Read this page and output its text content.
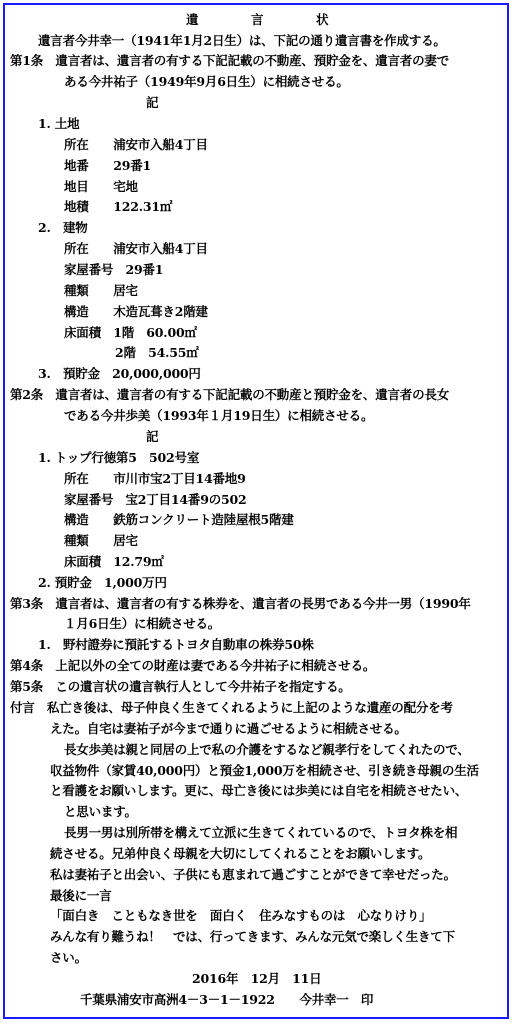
遺　言　状
遺言者今井幸一（1941年1月2日生）は、下記の通り遺言書を作成する。
第1条　遺言者は、遺言者の有する下記記載の不動産、預貯金を、遺言者の妻で
ある今井祐子（1949年9月6日生）に相続させる。
記
1. 土地
所在　　浦安市入船4丁目
地番　　29番1
地目　　宅地
地積　　122.31㎡
2.　建物
所在　　浦安市入船4丁目
家屋番号　29番1
種類　　居宅
構造　　木造瓦葺き2階建
床面積　1階　60.00㎡
2階　54.55㎡
3.　預貯金　20,000,000円
第2条　遺言者は、遺言者の有する下記記載の不動産と預貯金を、遺言者の長女
である今井歩美（1993年１月19日生）に相続させる。
記
1. トップ行徳第5　502号室
所在　　市川市宝2丁目14番地9
家屋番号　宝2丁目14番9の502
構造　　鉄筋コンクリート造陸屋根5階建
種類　　居宅
床面積　12.79㎡
2. 預貯金　1,000万円
第3条　遺言者は、遺言者の有する株券を、遺言者の長男である今井一男（1990年
１月6日生）に相続させる。
1.　野村證券に預託するトヨタ自動車の株券50株
第4条　上記以外の全ての財産は妻である今井祐子に相続させる。
第5条　この遺言状の遺言執行人として今井祐子を指定する。
付言　私亡き後は、母子仲良く生きてくれるように上記のような遺産の配分を考
えた。自宅は妻祐子が今まで通りに過ごせるように相続させる。
長女歩美は親と同居の上で私の介護をするなど親孝行をしてくれたので、
収益物件（家賃40,000円）と預金1,000万を相続させ、引き続き母親の生活
と看護をお願いします。更に、母亡き後には歩美には自宅を相続させたい、
と思います。
長男一男は別所帯を構えて立派に生きてくれているので、トヨタ株を相
続させる。兄弟仲良く母親を大切にしてくれることをお願いします。
私は妻祐子と出会い、子供にも恵まれて過ごすことができて幸せだった。
最後に一言
「面白き　こともなき世を　面白く　住みなすものは　心なりけり」
みんな有り難うね！　では、行ってきます、みんな元気で楽しく生きて下
さい。
2016年　12月　11日
千葉県浦安市高洲4－3－1－1922　　今井幸一　印
